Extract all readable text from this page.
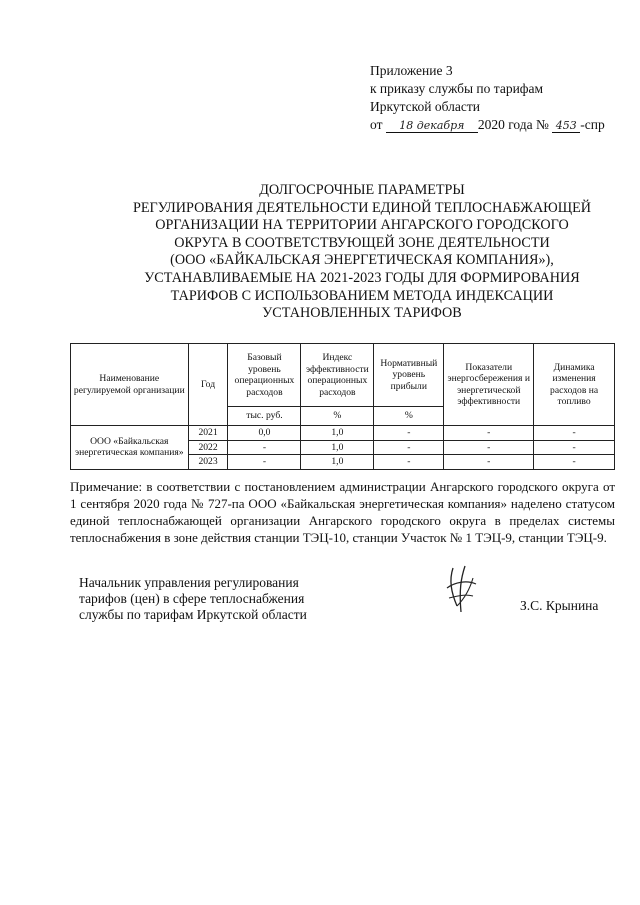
Приложение 3
к приказу службы по тарифам
Иркутской области
от 18 декабря 2020 года № 453 -спр
ДОЛГОСРОЧНЫЕ ПАРАМЕТРЫ
РЕГУЛИРОВАНИЯ ДЕЯТЕЛЬНОСТИ ЕДИНОЙ ТЕПЛОСНАБЖАЮЩЕЙ
ОРГАНИЗАЦИИ НА ТЕРРИТОРИИ АНГАРСКОГО ГОРОДСКОГО
ОКРУГА В СООТВЕТСТВУЮЩЕЙ ЗОНЕ ДЕЯТЕЛЬНОСТИ
(ООО «БАЙКАЛЬСКАЯ ЭНЕРГЕТИЧЕСКАЯ КОМПАНИЯ»),
УСТАНАВЛИВАЕМЫЕ НА 2021-2023 ГОДЫ ДЛЯ ФОРМИРОВАНИЯ
ТАРИФОВ С ИСПОЛЬЗОВАНИЕМ МЕТОДА ИНДЕКСАЦИИ
УСТАНОВЛЕННЫХ ТАРИФОВ
Наименование регулируемой организации	Год	Базовый уровень операционных расходов	Индекс эффективности операционных расходов	Нормативный уровень прибыли	Показатели энергосбережения и энергетической эффективности	Динамика изменения расходов на топливо
		тыс. руб.	%	%		
ООО «Байкальская энергетическая компания»	2021	0,0	1,0	-	-	-
	2022	-	1,0	-	-	-
	2023	-	1,0	-	-	-
Примечание: в соответствии с постановлением администрации Ангарского городского округа от 1 сентября 2020 года № 727-па ООО «Байкальская энергетическая компания» наделено статусом единой теплоснабжающей организации Ангарского городского округа в пределах системы теплоснабжения в зоне действия станции ТЭЦ-10, станции Участок № 1 ТЭЦ-9, станции ТЭЦ-9.
Начальник управления регулирования
тарифов (цен) в сфере теплоснабжения
службы по тарифам Иркутской области
З.С. Крынина
